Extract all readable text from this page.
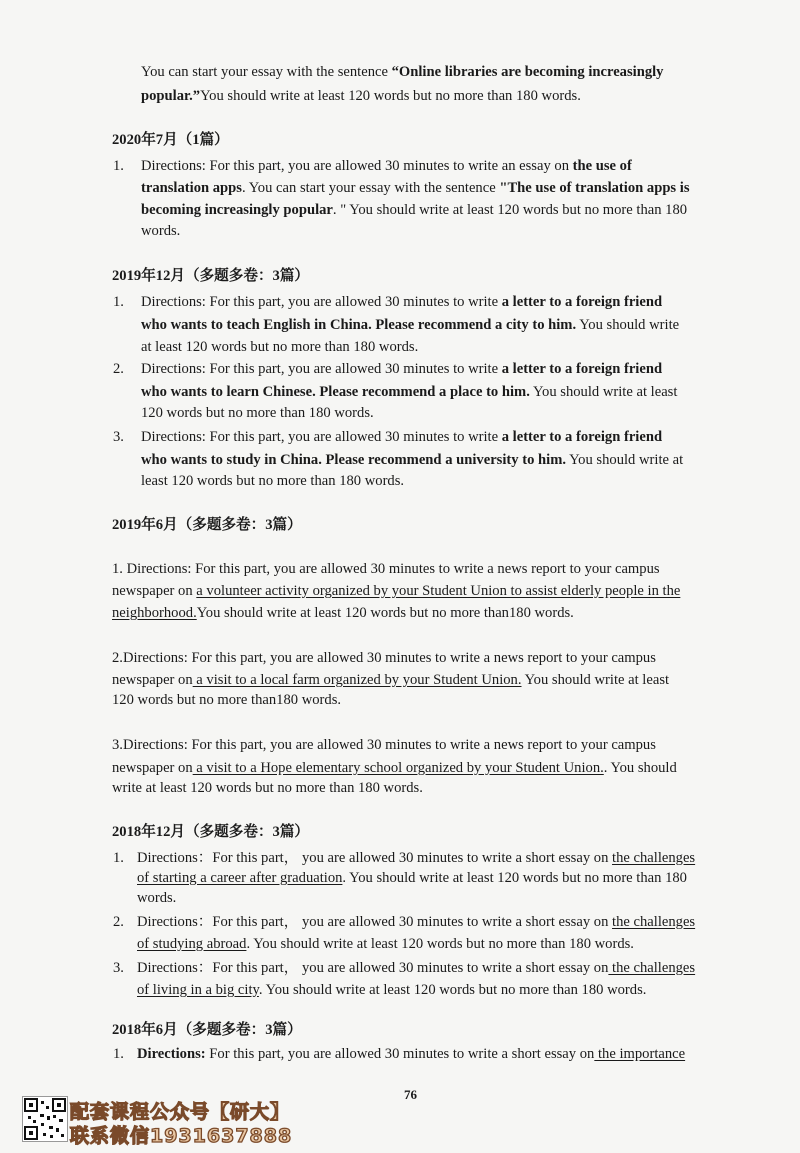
You can start your essay with the sentence “Online libraries are becoming increasingly
popular.”You should write at least 120 words but no more than 180 words.
2020年7月（1篇）
1. Directions: For this part, you are allowed 30 minutes to write an essay on the use of
translation apps. You can start your essay with the sentence "The use of translation apps is
becoming increasingly popular. " You should write at least 120 words but no more than 180
words.
2019年12月（多题多卷：3篇）
1. Directions: For this part, you are allowed 30 minutes to write a letter to a foreign friend
who wants to teach English in China. Please recommend a city to him. You should write
at least 120 words but no more than 180 words.
2. Directions: For this part, you are allowed 30 minutes to write a letter to a foreign friend
who wants to learn Chinese. Please recommend a place to him. You should write at least
120 words but no more than 180 words.
3. Directions: For this part, you are allowed 30 minutes to write a letter to a foreign friend
who wants to study in China. Please recommend a university to him. You should write at
least 120 words but no more than 180 words.
2019年6月（多题多卷：3篇）
1. Directions: For this part, you are allowed 30 minutes to write a news report to your campus
newspaper on a volunteer activity organized by your Student Union to assist elderly people in the
neighborhood.You should write at least 120 words but no more than180 words.
2.Directions: For this part, you are allowed 30 minutes to write a news report to your campus
newspaper on a visit to a local farm organized by your Student Union. You should write at least
120 words but no more than180 words.
3.Directions: For this part, you are allowed 30 minutes to write a news report to your campus
newspaper on a visit to a Hope elementary school organized by your Student Union.. You should
write at least 120 words but no more than 180 words.
2018年12月（多题多卷：3篇）
1. Directions：For this part， you are allowed 30 minutes to write a short essay on the challenges
of starting a career after graduation. You should write at least 120 words but no more than 180
words.
2. Directions：For this part， you are allowed 30 minutes to write a short essay on the challenges
of studying abroad. You should write at least 120 words but no more than 180 words.
3. Directions：For this part， you are allowed 30 minutes to write a short essay on the challenges
of living in a big city. You should write at least 120 words but no more than 180 words.
2018年6月（多题多卷：3篇）
1. Directions: For this part, you are allowed 30 minutes to write a short essay on the importance
76
配套课程公众号【研大】
联系微信1931637888
